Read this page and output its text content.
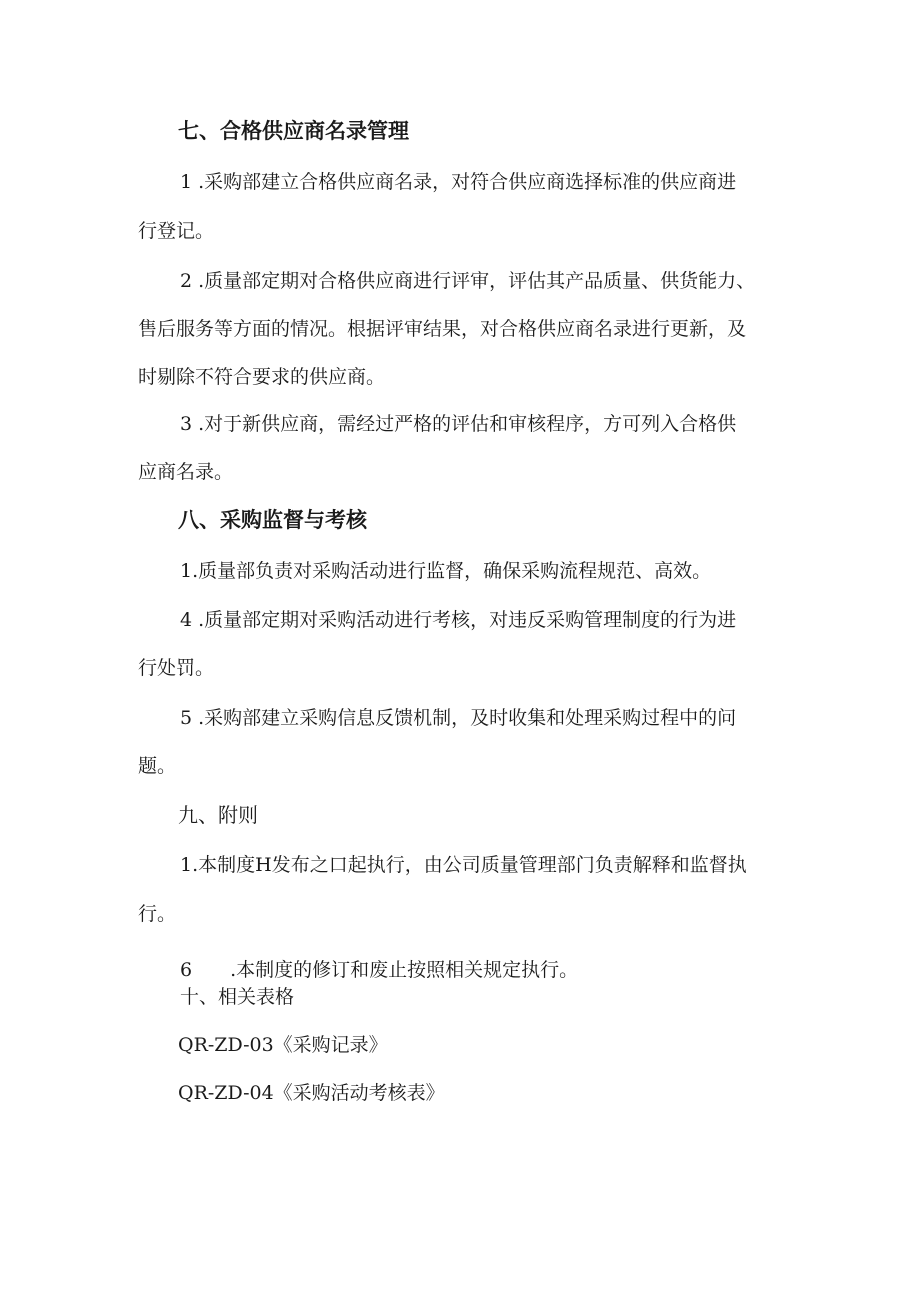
七、合格供应商名录管理
1 .采购部建立合格供应商名录，对符合供应商选择标准的供应商进
行登记。
2 .质量部定期对合格供应商进行评审，评估其产品质量、供货能力、
售后服务等方面的情况。根据评审结果，对合格供应商名录进行更新，及
时剔除不符合要求的供应商。
3 .对于新供应商，需经过严格的评估和审核程序，方可列入合格供
应商名录。
八、采购监督与考核
1.质量部负责对采购活动进行监督，确保采购流程规范、高效。
4 .质量部定期对采购活动进行考核，对违反采购管理制度的行为进
行处罚。
5 .采购部建立采购信息反馈机制，及时收集和处理采购过程中的问
题。
九、附则
1.本制度H发布之口起执行，由公司质量管理部门负责解释和监督执
行。
6　　.本制度的修订和废止按照相关规定执行。
十、相关表格
QR-ZD-03《采购记录》
QR-ZD-04《采购活动考核表》
